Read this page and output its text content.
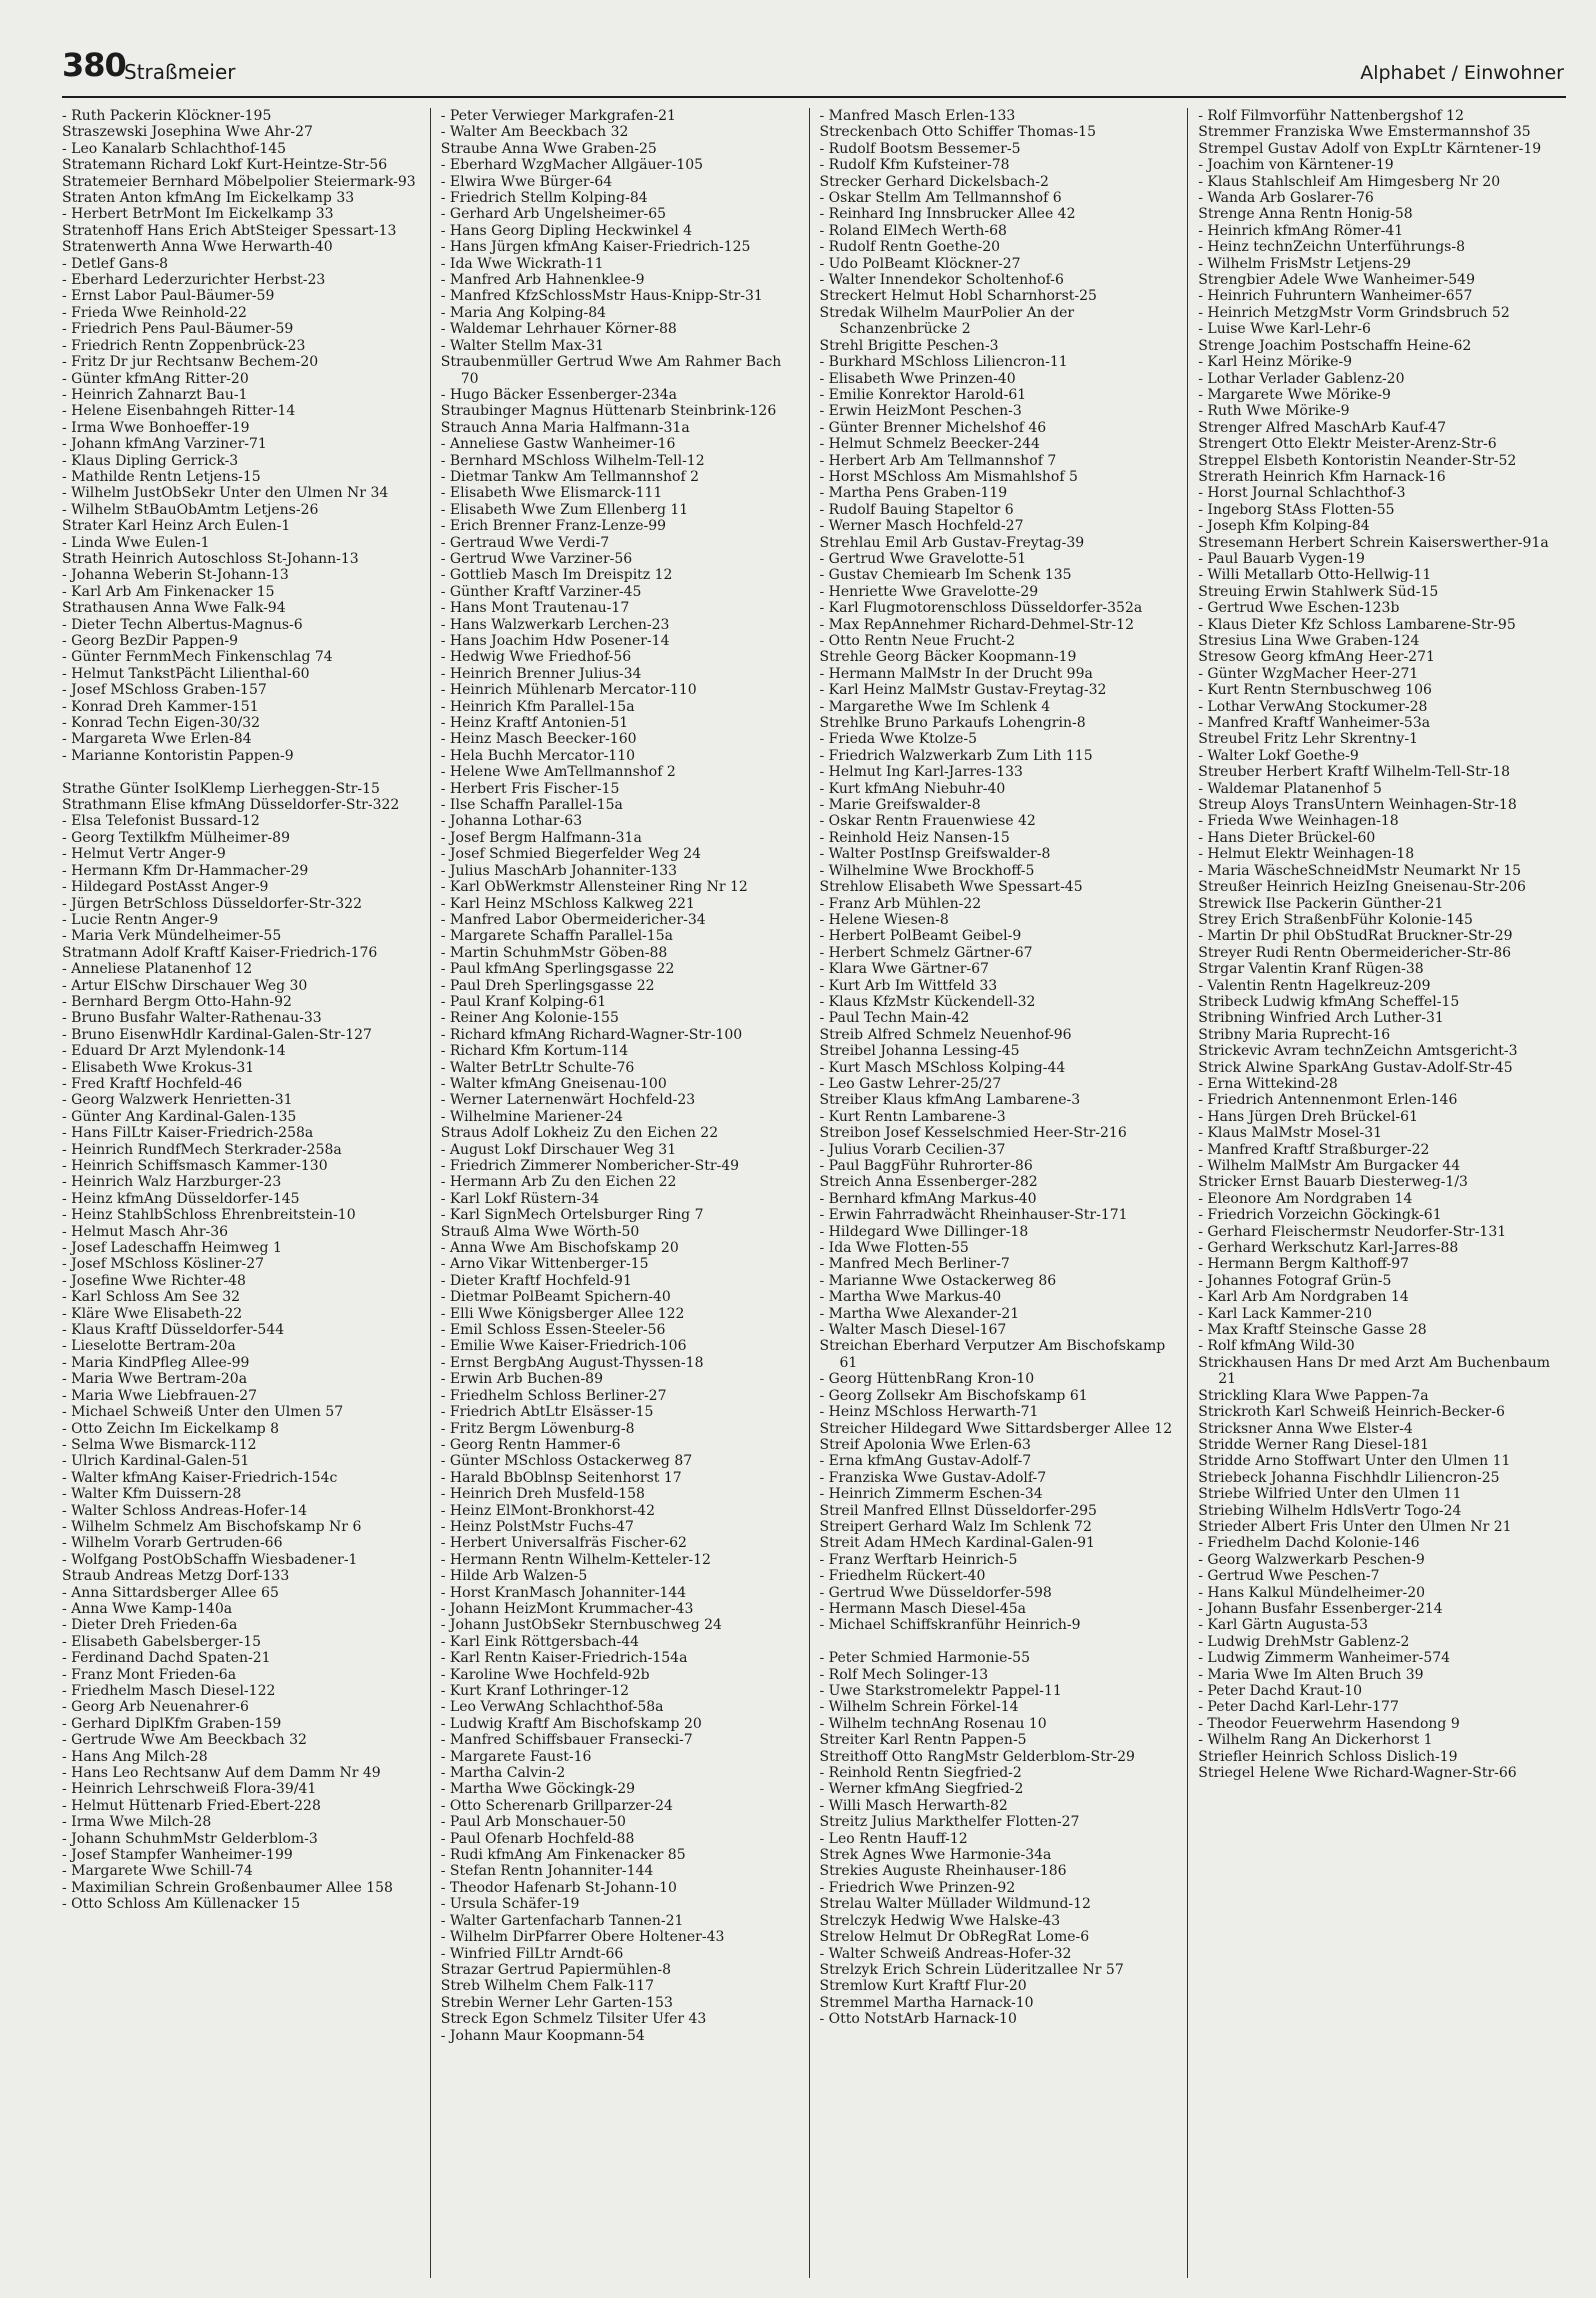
380
Straßmeier	Alphabet / Einwohner

- Ruth Packerin Klöckner-195

Straszewski Josephina Wwe Ahr-27

- Leo Kanalarb Schlachthof-145

Stratemann Richard Lokf Kurt-Heintze-Str-56

Stratemeier Bernhard Möbelpolier Steiermark-93

Straten Anton kfmAng Im Eickelkamp 33

- Herbert BetrMont Im Eickelkamp 33

Stratenhoff Hans Erich AbtSteiger Spessart-13

Stratenwerth Anna Wwe Herwarth-40

- Detlef Gans-8

- Eberhard Lederzurichter Herbst-23

- Ernst Labor Paul-Bäumer-59

- Frieda Wwe Reinhold-22

- Friedrich Pens Paul-Bäumer-59

- Friedrich Rentn Zoppenbrück-23

- Fritz Dr jur Rechtsanw Bechem-20

- Günter kfmAng Ritter-20

- Heinrich Zahnarzt Bau-1

- Helene Eisenbahngeh Ritter-14

- Irma Wwe Bonhoeffer-19

- Johann kfmAng Varziner-71

- Klaus Dipling Gerrick-3

- Mathilde Rentn Letjens-15

- Wilhelm JustObSekr Unter den Ulmen Nr 34

- Wilhelm StBauObAmtm Letjens-26

Strater Karl Heinz Arch Eulen-1

- Linda Wwe Eulen-1

Strath Heinrich Autoschloss St-Johann-13

- Johanna Weberin St-Johann-13

- Karl Arb Am Finkenacker 15

Strathausen Anna Wwe Falk-94

- Dieter Techn Albertus-Magnus-6

- Georg BezDir Pappen-9

- Günter FernmMech Finkenschlag 74

- Helmut TankstPächt Lilienthal-60

- Josef MSchloss Graben-157

- Konrad Dreh Kammer-151

- Konrad Techn Eigen-30/32

- Margareta Wwe Erlen-84

- Marianne Kontoristin Pappen-9

Strathe Günter IsolKlemp Lierheggen-Str-15

Strathmann Elise kfmAng Düsseldorfer-Str-322

- Elsa Telefonist Bussard-12

- Georg Textilkfm Mülheimer-89

- Helmut Vertr Anger-9

- Hermann Kfm Dr-Hammacher-29

- Hildegard PostAsst Anger-9

- Jürgen BetrSchloss Düsseldorfer-Str-322

- Lucie Rentn Anger-9

- Maria Verk Mündelheimer-55

Stratmann Adolf Kraftf Kaiser-Friedrich-176

- Anneliese Platanenhof 12

- Artur ElSchw Dirschauer Weg 30

- Bernhard Bergm Otto-Hahn-92

- Bruno Busfahr Walter-Rathenau-33

- Bruno EisenwHdlr Kardinal-Galen-Str-127

- Eduard Dr Arzt Mylendonk-14

- Elisabeth Wwe Krokus-31

- Fred Kraftf Hochfeld-46

- Georg Walzwerk Henrietten-31

- Günter Ang Kardinal-Galen-135

- Hans FilLtr Kaiser-Friedrich-258a

- Heinrich RundfMech Sterkrader-258a

- Heinrich Schiffsmasch Kammer-130

- Heinrich Walz Harzburger-23

- Heinz kfmAng Düsseldorfer-145

- Heinz StahlbSchloss Ehrenbreitstein-10

- Helmut Masch Ahr-36

- Josef Ladeschaffn Heimweg 1

- Josef MSchloss Kösliner-27

- Josefine Wwe Richter-48

- Karl Schloss Am See 32

- Kläre Wwe Elisabeth-22

- Klaus Kraftf Düsseldorfer-544

- Lieselotte Bertram-20a

- Maria KindPfleg Allee-99

- Maria Wwe Bertram-20a

- Maria Wwe Liebfrauen-27

- Michael Schweiß Unter den Ulmen 57

- Otto Zeichn Im Eickelkamp 8

- Selma Wwe Bismarck-112

- Ulrich Kardinal-Galen-51

- Walter kfmAng Kaiser-Friedrich-154c

- Walter Kfm Duissern-28

- Walter Schloss Andreas-Hofer-14

- Wilhelm Schmelz Am Bischofskamp Nr 6

- Wilhelm Vorarb Gertruden-66

- Wolfgang PostObSchaffn Wiesbadener-1

Straub Andreas Metzg Dorf-133

- Anna Sittardsberger Allee 65

- Anna Wwe Kamp-140a

- Dieter Dreh Frieden-6a

- Elisabeth Gabelsberger-15

- Ferdinand Dachd Spaten-21

- Franz Mont Frieden-6a

- Friedhelm Masch Diesel-122

- Georg Arb Neuenahrer-6

- Gerhard DiplKfm Graben-159

- Gertrude Wwe Am Beeckbach 32

- Hans Ang Milch-28

- Hans Leo Rechtsanw Auf dem Damm Nr 49

- Heinrich Lehrschweiß Flora-39/41

- Helmut Hüttenarb Fried-Ebert-228

- Irma Wwe Milch-28

- Johann SchuhmMstr Gelderblom-3

- Josef Stampfer Wanheimer-199

- Margarete Wwe Schill-74

- Maximilian Schrein Großenbaumer Allee 158

- Otto Schloss Am Küllenacker 15

- Peter Verwieger Markgrafen-21

- Walter Am Beeckbach 32

Straube Anna Wwe Graben-25

- Eberhard WzgMacher Allgäuer-105

- Elwira Wwe Bürger-64

- Friedrich Stellm Kolping-84

- Gerhard Arb Ungelsheimer-65

- Hans Georg Dipling Heckwinkel 4

- Hans Jürgen kfmAng Kaiser-Friedrich-125

- Ida Wwe Wickrath-11

- Manfred Arb Hahnenklee-9

- Manfred KfzSchlossMstr Haus-Knipp-Str-31

- Maria Ang Kolping-84

- Waldemar Lehrhauer Körner-88

- Walter Stellm Max-31

Straubenmüller Gertrud Wwe Am Rahmer Bach 70

- Hugo Bäcker Essenberger-234a

Straubinger Magnus Hüttenarb Steinbrink-126

Strauch Anna Maria Halfmann-31a

- Anneliese Gastw Wanheimer-16

- Bernhard MSchloss Wilhelm-Tell-12

- Dietmar Tankw Am Tellmannshof 2

- Elisabeth Wwe Elismarck-111

- Elisabeth Wwe Zum Ellenberg 11

- Erich Brenner Franz-Lenze-99

- Gertraud Wwe Verdi-7

- Gertrud Wwe Varziner-56

- Gottlieb Masch Im Dreispitz 12

- Günther Kraftf Varziner-45

- Hans Mont Trautenau-17

- Hans Walzwerkarb Lerchen-23

- Hans Joachim Hdw Posener-14

- Hedwig Wwe Friedhof-56

- Heinrich Brenner Julius-34

- Heinrich Mühlenarb Mercator-110

- Heinrich Kfm Parallel-15a

- Heinz Kraftf Antonien-51

- Heinz Masch Beecker-160

- Hela Buchh Mercator-110

- Helene Wwe AmTellmannshof 2

- Herbert Fris Fischer-15

- Ilse Schaffn Parallel-15a

- Johanna Lothar-63

- Josef Bergm Halfmann-31a

- Josef Schmied Biegerfelder Weg 24

- Julius MaschArb Johanniter-133

- Karl ObWerkmstr Allensteiner Ring Nr 12

- Karl Heinz MSchloss Kalkweg 221

- Manfred Labor Obermeidericher-34

- Margarete Schaffn Parallel-15a

- Martin SchuhmMstr Göben-88

- Paul kfmAng Sperlingsgasse 22

- Paul Dreh Sperlingsgasse 22

- Paul Kranf Kolping-61

- Reiner Ang Kolonie-155

- Richard kfmAng Richard-Wagner-Str-100

- Richard Kfm Kortum-114

- Walter BetrLtr Schulte-76

- Walter kfmAng Gneisenau-100

- Werner Laternenwärt Hochfeld-23

- Wilhelmine Mariener-24

Straus Adolf Lokheiz Zu den Eichen 22

- August Lokf Dirschauer Weg 31

- Friedrich Zimmerer Nombericher-Str-49

- Hermann Arb Zu den Eichen 22

- Karl Lokf Rüstern-34

- Karl SignMech Ortelsburger Ring 7

Strauß Alma Wwe Wörth-50

- Anna Wwe Am Bischofskamp 20

- Arno Vikar Wittenberger-15

- Dieter Kraftf Hochfeld-91

- Dietmar PolBeamt Spichern-40

- Elli Wwe Königsberger Allee 122

- Emil Schloss Essen-Steeler-56

- Emilie Wwe Kaiser-Friedrich-106

- Ernst BergbAng August-Thyssen-18

- Erwin Arb Buchen-89

- Friedhelm Schloss Berliner-27

- Friedrich AbtLtr Elsässer-15

- Fritz Bergm Löwenburg-8

- Georg Rentn Hammer-6

- Günter MSchloss Ostackerweg 87

- Harald BbOblnsp Seitenhorst 17

- Heinrich Dreh Musfeld-158

- Heinz ElMont-Bronkhorst-42

- Heinz PolstMstr Fuchs-47

- Herbert Universalfräs Fischer-62

- Hermann Rentn Wilhelm-Ketteler-12

- Hilde Arb Walzen-5

- Horst KranMasch Johanniter-144

- Johann HeizMont Krummacher-43

- Johann JustObSekr Sternbuschweg 24

- Karl Eink Röttgersbach-44

- Karl Rentn Kaiser-Friedrich-154a

- Karoline Wwe Hochfeld-92b

- Kurt Kranf Lothringer-12

- Leo VerwAng Schlachthof-58a

- Ludwig Kraftf Am Bischofskamp 20

- Manfred Schiffsbauer Fransecki-7

- Margarete Faust-16

- Martha Calvin-2

- Martha Wwe Göckingk-29

- Otto Scherenarb Grillparzer-24

- Paul Arb Monschauer-50

- Paul Ofenarb Hochfeld-88

- Rudi kfmAng Am Finkenacker 85

- Stefan Rentn Johanniter-144

- Theodor Hafenarb St-Johann-10

- Ursula Schäfer-19

- Walter Gartenfacharb Tannen-21

- Wilhelm DirPfarrer Obere Holtener-43

- Winfried FilLtr Arndt-66

Strazar Gertrud Papiermühlen-8

Streb Wilhelm Chem Falk-117

Strebin Werner Lehr Garten-153

Streck Egon Schmelz Tilsiter Ufer 43

- Johann Maur Koopmann-54

- Manfred Masch Erlen-133

Streckenbach Otto Schiffer Thomas-15

- Rudolf Bootsm Bessemer-5

- Rudolf Kfm Kufsteiner-78

Strecker Gerhard Dickelsbach-2

- Oskar Stellm Am Tellmannshof 6

- Reinhard Ing Innsbrucker Allee 42

- Roland ElMech Werth-68

- Rudolf Rentn Goethe-20

- Udo PolBeamt Klöckner-27

- Walter Innendekor Scholtenhof-6

Streckert Helmut Hobl Scharnhorst-25

Stredak Wilhelm MaurPolier An der Schanzenbrücke 2

Strehl Brigitte Peschen-3

- Burkhard MSchloss Liliencron-11

- Elisabeth Wwe Prinzen-40

- Emilie Konrektor Harold-61

- Erwin HeizMont Peschen-3

- Günter Brenner Michelshof 46

- Helmut Schmelz Beecker-244

- Herbert Arb Am Tellmannshof 7

- Horst MSchloss Am Mismahlshof 5

- Martha Pens Graben-119

- Rudolf Bauing Stapeltor 6

- Werner Masch Hochfeld-27

Strehlau Emil Arb Gustav-Freytag-39

- Gertrud Wwe Gravelotte-51

- Gustav Chemiearb Im Schenk 135

- Henriette Wwe Gravelotte-29

- Karl Flugmotorenschloss Düsseldorfer-352a

- Max RepAnnehmer Richard-Dehmel-Str-12

- Otto Rentn Neue Frucht-2

Strehle Georg Bäcker Koopmann-19

- Hermann MalMstr In der Drucht 99a

- Karl Heinz MalMstr Gustav-Freytag-32

- Margarethe Wwe Im Schlenk 4

Strehlke Bruno Parkaufs Lohengrin-8

- Frieda Wwe Ktolze-5

- Friedrich Walzwerkarb Zum Lith 115

- Helmut Ing Karl-Jarres-133

- Kurt kfmAng Niebuhr-40

- Marie Greifswalder-8

- Oskar Rentn Frauenwiese 42

- Reinhold Heiz Nansen-15

- Walter PostInsp Greifswalder-8

- Wilhelmine Wwe Brockhoff-5

Strehlow Elisabeth Wwe Spessart-45

- Franz Arb Mühlen-22

- Helene Wiesen-8

- Herbert PolBeamt Geibel-9

- Herbert Schmelz Gärtner-67

- Klara Wwe Gärtner-67

- Kurt Arb Im Wittfeld 33

- Klaus KfzMstr Kückendell-32

- Paul Techn Main-42

Streib Alfred Schmelz Neuenhof-96

Streibel Johanna Lessing-45

- Kurt Masch MSchloss Kolping-44

- Leo Gastw Lehrer-25/27

Streiber Klaus kfmAng Lambarene-3

- Kurt Rentn Lambarene-3

Streibon Josef Kesselschmied Heer-Str-216

- Julius Vorarb Cecilien-37

- Paul BaggFühr Ruhrorter-86

Streich Anna Essenberger-282

- Bernhard kfmAng Markus-40

- Erwin Fahrradwächt Rheinhauser-Str-171

- Hildegard Wwe Dillinger-18

- Ida Wwe Flotten-55

- Manfred Mech Berliner-7

- Marianne Wwe Ostackerweg 86

- Martha Wwe Markus-40

- Martha Wwe Alexander-21

- Walter Masch Diesel-167

Streichan Eberhard Verputzer Am Bischofskamp 61

- Georg HüttenbRang Kron-10

- Georg Zollsekr Am Bischofskamp 61

- Heinz MSchloss Herwarth-71

Streicher Hildegard Wwe Sittardsberger Allee 12

Streif Apolonia Wwe Erlen-63

- Erna kfmAng Gustav-Adolf-7

- Franziska Wwe Gustav-Adolf-7

- Heinrich Zimmerm Eschen-34

Streil Manfred Ellnst Düsseldorfer-295

Streipert Gerhard Walz Im Schlenk 72

Streit Adam HMech Kardinal-Galen-91

- Franz Werftarb Heinrich-5

- Friedhelm Rückert-40

- Gertrud Wwe Düsseldorfer-598

- Hermann Masch Diesel-45a

- Michael Schiffskranführ Heinrich-9

- Peter Schmied Harmonie-55

- Rolf Mech Solinger-13

- Uwe Starkstromelektr Pappel-11

- Wilhelm Schrein Förkel-14

- Wilhelm technAng Rosenau 10

Streiter Karl Rentn Pappen-5

Streithoff Otto RangMstr Gelderblom-Str-29

- Reinhold Rentn Siegfried-2

- Werner kfmAng Siegfried-2

- Willi Masch Herwarth-82

Streitz Julius Markthelfer Flotten-27

- Leo Rentn Hauff-12

Strek Agnes Wwe Harmonie-34a

Strekies Auguste Rheinhauser-186

- Friedrich Wwe Prinzen-92

Strelau Walter Müllader Wildmund-12

Strelczyk Hedwig Wwe Halske-43

Strelow Helmut Dr ObRegRat Lome-6

- Walter Schweiß Andreas-Hofer-32

Strelzyk Erich Schrein Lüderitzallee Nr 57

Stremlow Kurt Kraftf Flur-20

Stremmel Martha Harnack-10

- Otto NotstArb Harnack-10

- Rolf Filmvorführ Nattenbergshof 12

Stremmer Franziska Wwe Emstermannshof 35

Strempel Gustav Adolf von ExpLtr Kärntener-19

- Joachim von Kärntener-19

- Klaus Stahlschleif Am Himgesberg Nr 20

- Wanda Arb Goslarer-76

Strenge Anna Rentn Honig-58

- Heinrich kfmAng Römer-41

- Heinz technZeichn Unterführungs-8

- Wilhelm FrisMstr Letjens-29

Strengbier Adele Wwe Wanheimer-549

- Heinrich Fuhruntern Wanheimer-657

- Heinrich MetzgMstr Vorm Grindsbruch 52

- Luise Wwe Karl-Lehr-6

Strenge Joachim Postschaffn Heine-62

- Karl Heinz Mörike-9

- Lothar Verlader Gablenz-20

- Margarete Wwe Mörike-9

- Ruth Wwe Mörike-9

Strenger Alfred MaschArb Kauf-47

Strengert Otto Elektr Meister-Arenz-Str-6

Streppel Elsbeth Kontoristin Neander-Str-52

Strerath Heinrich Kfm Harnack-16

- Horst Journal Schlachthof-3

- Ingeborg StAss Flotten-55

- Joseph Kfm Kolping-84

Stresemann Herbert Schrein Kaiserswerther-91a

- Paul Bauarb Vygen-19

- Willi Metallarb Otto-Hellwig-11

Streuing Erwin Stahlwerk Süd-15

- Gertrud Wwe Eschen-123b

- Klaus Dieter Kfz Schloss Lambarene-Str-95

Stresius Lina Wwe Graben-124

Stresow Georg kfmAng Heer-271

- Günter WzgMacher Heer-271

- Kurt Rentn Sternbuschweg 106

- Lothar VerwAng Stockumer-28

- Manfred Kraftf Wanheimer-53a

Streubel Fritz Lehr Skrentny-1

- Walter Lokf Goethe-9

Streuber Herbert Kraftf Wilhelm-Tell-Str-18

- Waldemar Platanenhof 5

Streup Aloys TransUntern Weinhagen-Str-18

- Frieda Wwe Weinhagen-18

- Hans Dieter Brückel-60

- Helmut Elektr Weinhagen-18

- Maria WäscheSchneidMstr Neumarkt Nr 15

Streußer Heinrich HeizIng Gneisenau-Str-206

Strewick Ilse Packerin Günther-21

Strey Erich StraßenbFühr Kolonie-145

- Martin Dr phil ObStudRat Bruckner-Str-29

Streyer Rudi Rentn Obermeidericher-Str-86

Strgar Valentin Kranf Rügen-38

- Valentin Rentn Hagelkreuz-209

Stribeck Ludwig kfmAng Scheffel-15

Stribning Winfried Arch Luther-31

Stribny Maria Ruprecht-16

Strickevic Avram technZeichn Amtsgericht-3

Strick Alwine SparkAng Gustav-Adolf-Str-45

- Erna Wittekind-28

- Friedrich Antennenmont Erlen-146

- Hans Jürgen Dreh Brückel-61

- Klaus MalMstr Mosel-31

- Manfred Kraftf Straßburger-22

- Wilhelm MalMstr Am Burgacker 44

Stricker Ernst Bauarb Diesterweg-1/3

- Eleonore Am Nordgraben 14

- Friedrich Vorzeichn Göckingk-61

- Gerhard Fleischermstr Neudorfer-Str-131

- Gerhard Werkschutz Karl-Jarres-88

- Hermann Bergm Kalthoff-97

- Johannes Fotograf Grün-5

- Karl Arb Am Nordgraben 14

- Karl Lack Kammer-210

- Max Kraftf Steinsche Gasse 28

- Rolf kfmAng Wild-30

Strickhausen Hans Dr med Arzt Am Buchenbaum 21

Strickling Klara Wwe Pappen-7a

Strickroth Karl Schweiß Heinrich-Becker-6

Stricksner Anna Wwe Elster-4

Stridde Werner Rang Diesel-181

Stridde Arno Stoffwart Unter den Ulmen 11

Striebeck Johanna Fischhdlr Liliencron-25

Striebe Wilfried Unter den Ulmen 11

Striebing Wilhelm HdlsVertr Togo-24

Strieder Albert Fris Unter den Ulmen Nr 21

- Friedhelm Dachd Kolonie-146

- Georg Walzwerkarb Peschen-9

- Gertrud Wwe Peschen-7

- Hans Kalkul Mündelheimer-20

- Johann Busfahr Essenberger-214

- Karl Gärtn Augusta-53

- Ludwig DrehMstr Gablenz-2

- Ludwig Zimmerm Wanheimer-574

- Maria Wwe Im Alten Bruch 39

- Peter Dachd Kraut-10

- Peter Dachd Karl-Lehr-177

- Theodor Feuerwehrm Hasendong 9

- Wilhelm Rang An Dickerhorst 1

Striefler Heinrich Schloss Dislich-19

Striegel Helene Wwe Richard-Wagner-Str-66
